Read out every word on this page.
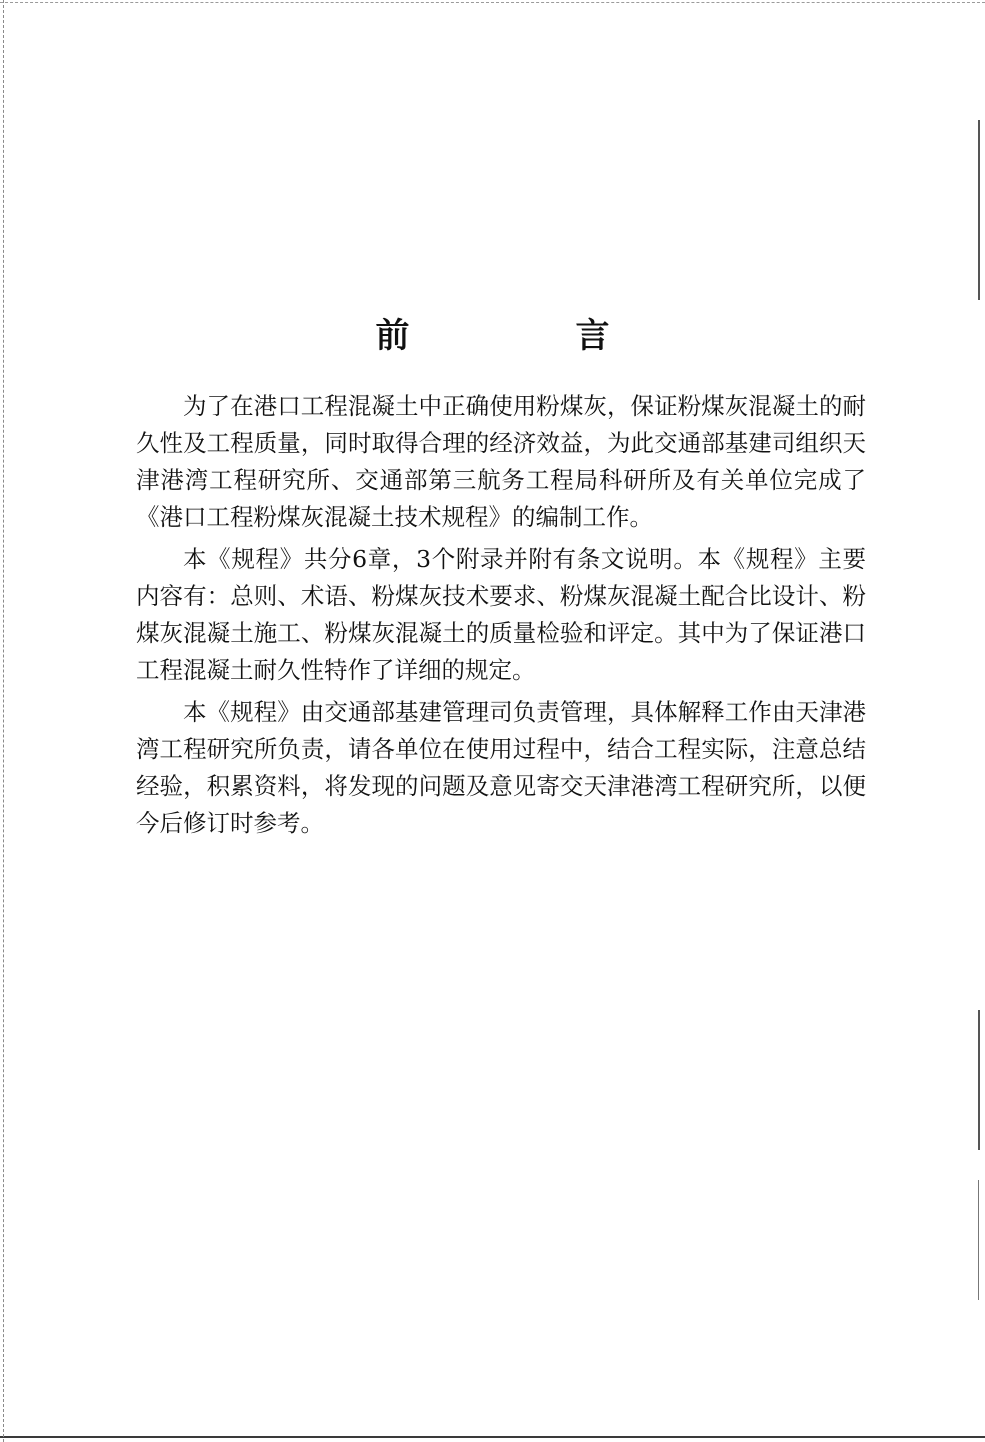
前　言

为了在港口工程混凝土中正确使用粉煤灰，保证粉煤灰混凝土的耐久性及工程质量，同时取得合理的经济效益，为此交通部基建司组织天津港湾工程研究所、交通部第三航务工程局科研所及有关单位完成了《港口工程粉煤灰混凝土技术规程》的编制工作。

本《规程》共分6章，3个附录并附有条文说明。本《规程》主要内容有：总则、术语、粉煤灰技术要求、粉煤灰混凝土配合比设计、粉煤灰混凝土施工、粉煤灰混凝土的质量检验和评定。其中为了保证港口工程混凝土耐久性特作了详细的规定。

本《规程》由交通部基建管理司负责管理，具体解释工作由天津港湾工程研究所负责，请各单位在使用过程中，结合工程实际，注意总结经验，积累资料，将发现的问题及意见寄交天津港湾工程研究所，以便今后修订时参考。
